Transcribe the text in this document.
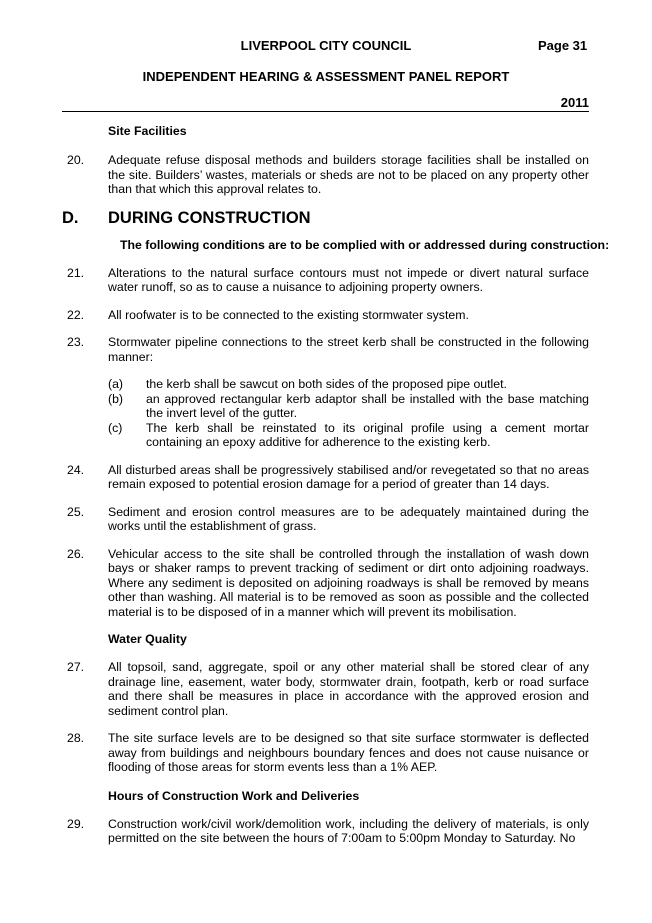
LIVERPOOL CITY COUNCIL	Page 31
INDEPENDENT HEARING & ASSESSMENT PANEL REPORT
2011
Site Facilities
20. Adequate refuse disposal methods and builders storage facilities shall be installed on the site. Builders’ wastes, materials or sheds are not to be placed on any property other than that which this approval relates to.
D. DURING CONSTRUCTION
The following conditions are to be complied with or addressed during construction:
21. Alterations to the natural surface contours must not impede or divert natural surface water runoff, so as to cause a nuisance to adjoining property owners.
22. All roofwater is to be connected to the existing stormwater system.
23. Stormwater pipeline connections to the street kerb shall be constructed in the following manner:
(a) the kerb shall be sawcut on both sides of the proposed pipe outlet.
(b) an approved rectangular kerb adaptor shall be installed with the base matching the invert level of the gutter.
(c) The kerb shall be reinstated to its original profile using a cement mortar containing an epoxy additive for adherence to the existing kerb.
24. All disturbed areas shall be progressively stabilised and/or revegetated so that no areas remain exposed to potential erosion damage for a period of greater than 14 days.
25. Sediment and erosion control measures are to be adequately maintained during the works until the establishment of grass.
26. Vehicular access to the site shall be controlled through the installation of wash down bays or shaker ramps to prevent tracking of sediment or dirt onto adjoining roadways. Where any sediment is deposited on adjoining roadways is shall be removed by means other than washing. All material is to be removed as soon as possible and the collected material is to be disposed of in a manner which will prevent its mobilisation.
Water Quality
27. All topsoil, sand, aggregate, spoil or any other material shall be stored clear of any drainage line, easement, water body, stormwater drain, footpath, kerb or road surface and there shall be measures in place in accordance with the approved erosion and sediment control plan.
28. The site surface levels are to be designed so that site surface stormwater is deflected away from buildings and neighbours boundary fences and does not cause nuisance or flooding of those areas for storm events less than a 1% AEP.
Hours of Construction Work and Deliveries
29. Construction work/civil work/demolition work, including the delivery of materials, is only permitted on the site between the hours of 7:00am to 5:00pm Monday to Saturday. No
